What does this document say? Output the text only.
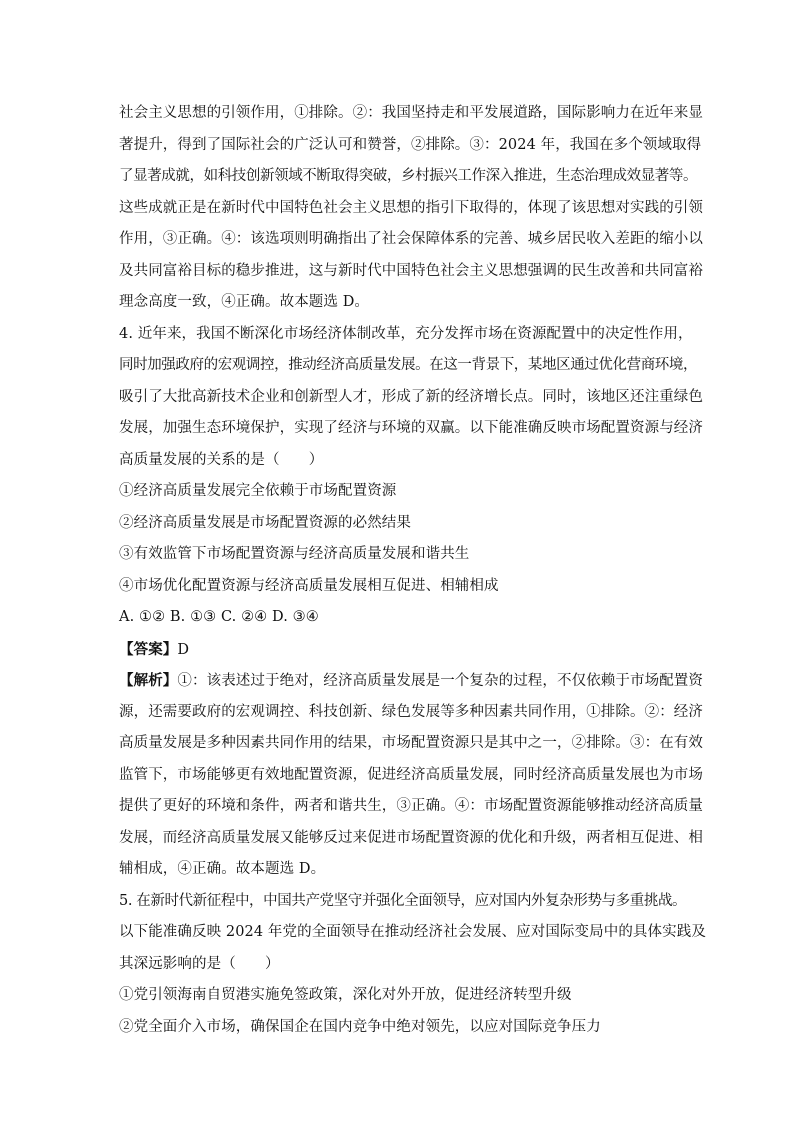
社会主义思想的引领作用，①排除。②：我国坚持走和平发展道路，国际影响力在近年来显
著提升，得到了国际社会的广泛认可和赞誉，②排除。③：2024 年，我国在多个领域取得
了显著成就，如科技创新领域不断取得突破，乡村振兴工作深入推进，生态治理成效显著等。
这些成就正是在新时代中国特色社会主义思想的指引下取得的，体现了该思想对实践的引领
作用，③正确。④：该选项则明确指出了社会保障体系的完善、城乡居民收入差距的缩小以
及共同富裕目标的稳步推进，这与新时代中国特色社会主义思想强调的民生改善和共同富裕
理念高度一致，④正确。故本题选 D。
4. 近年来，我国不断深化市场经济体制改革，充分发挥市场在资源配置中的决定性作用，
同时加强政府的宏观调控，推动经济高质量发展。在这一背景下，某地区通过优化营商环境，
吸引了大批高新技术企业和创新型人才，形成了新的经济增长点。同时，该地区还注重绿色
发展，加强生态环境保护，实现了经济与环境的双赢。以下能准确反映市场配置资源与经济
高质量发展的关系的是（　　）
①经济高质量发展完全依赖于市场配置资源
②经济高质量发展是市场配置资源的必然结果
③有效监管下市场配置资源与经济高质量发展和谐共生
④市场优化配置资源与经济高质量发展相互促进、相辅相成
A. ①② B. ①③ C. ②④ D. ③④
【答案】D
【解析】①：该表述过于绝对，经济高质量发展是一个复杂的过程，不仅依赖于市场配置资
源，还需要政府的宏观调控、科技创新、绿色发展等多种因素共同作用，①排除。②：经济
高质量发展是多种因素共同作用的结果，市场配置资源只是其中之一，②排除。③：在有效
监管下，市场能够更有效地配置资源，促进经济高质量发展，同时经济高质量发展也为市场
提供了更好的环境和条件，两者和谐共生，③正确。④：市场配置资源能够推动经济高质量
发展，而经济高质量发展又能够反过来促进市场配置资源的优化和升级，两者相互促进、相
辅相成，④正确。故本题选 D。
5. 在新时代新征程中，中国共产党坚守并强化全面领导，应对国内外复杂形势与多重挑战。
以下能准确反映 2024 年党的全面领导在推动经济社会发展、应对国际变局中的具体实践及
其深远影响的是（　　）
①党引领海南自贸港实施免签政策，深化对外开放，促进经济转型升级
②党全面介入市场，确保国企在国内竞争中绝对领先，以应对国际竞争压力
